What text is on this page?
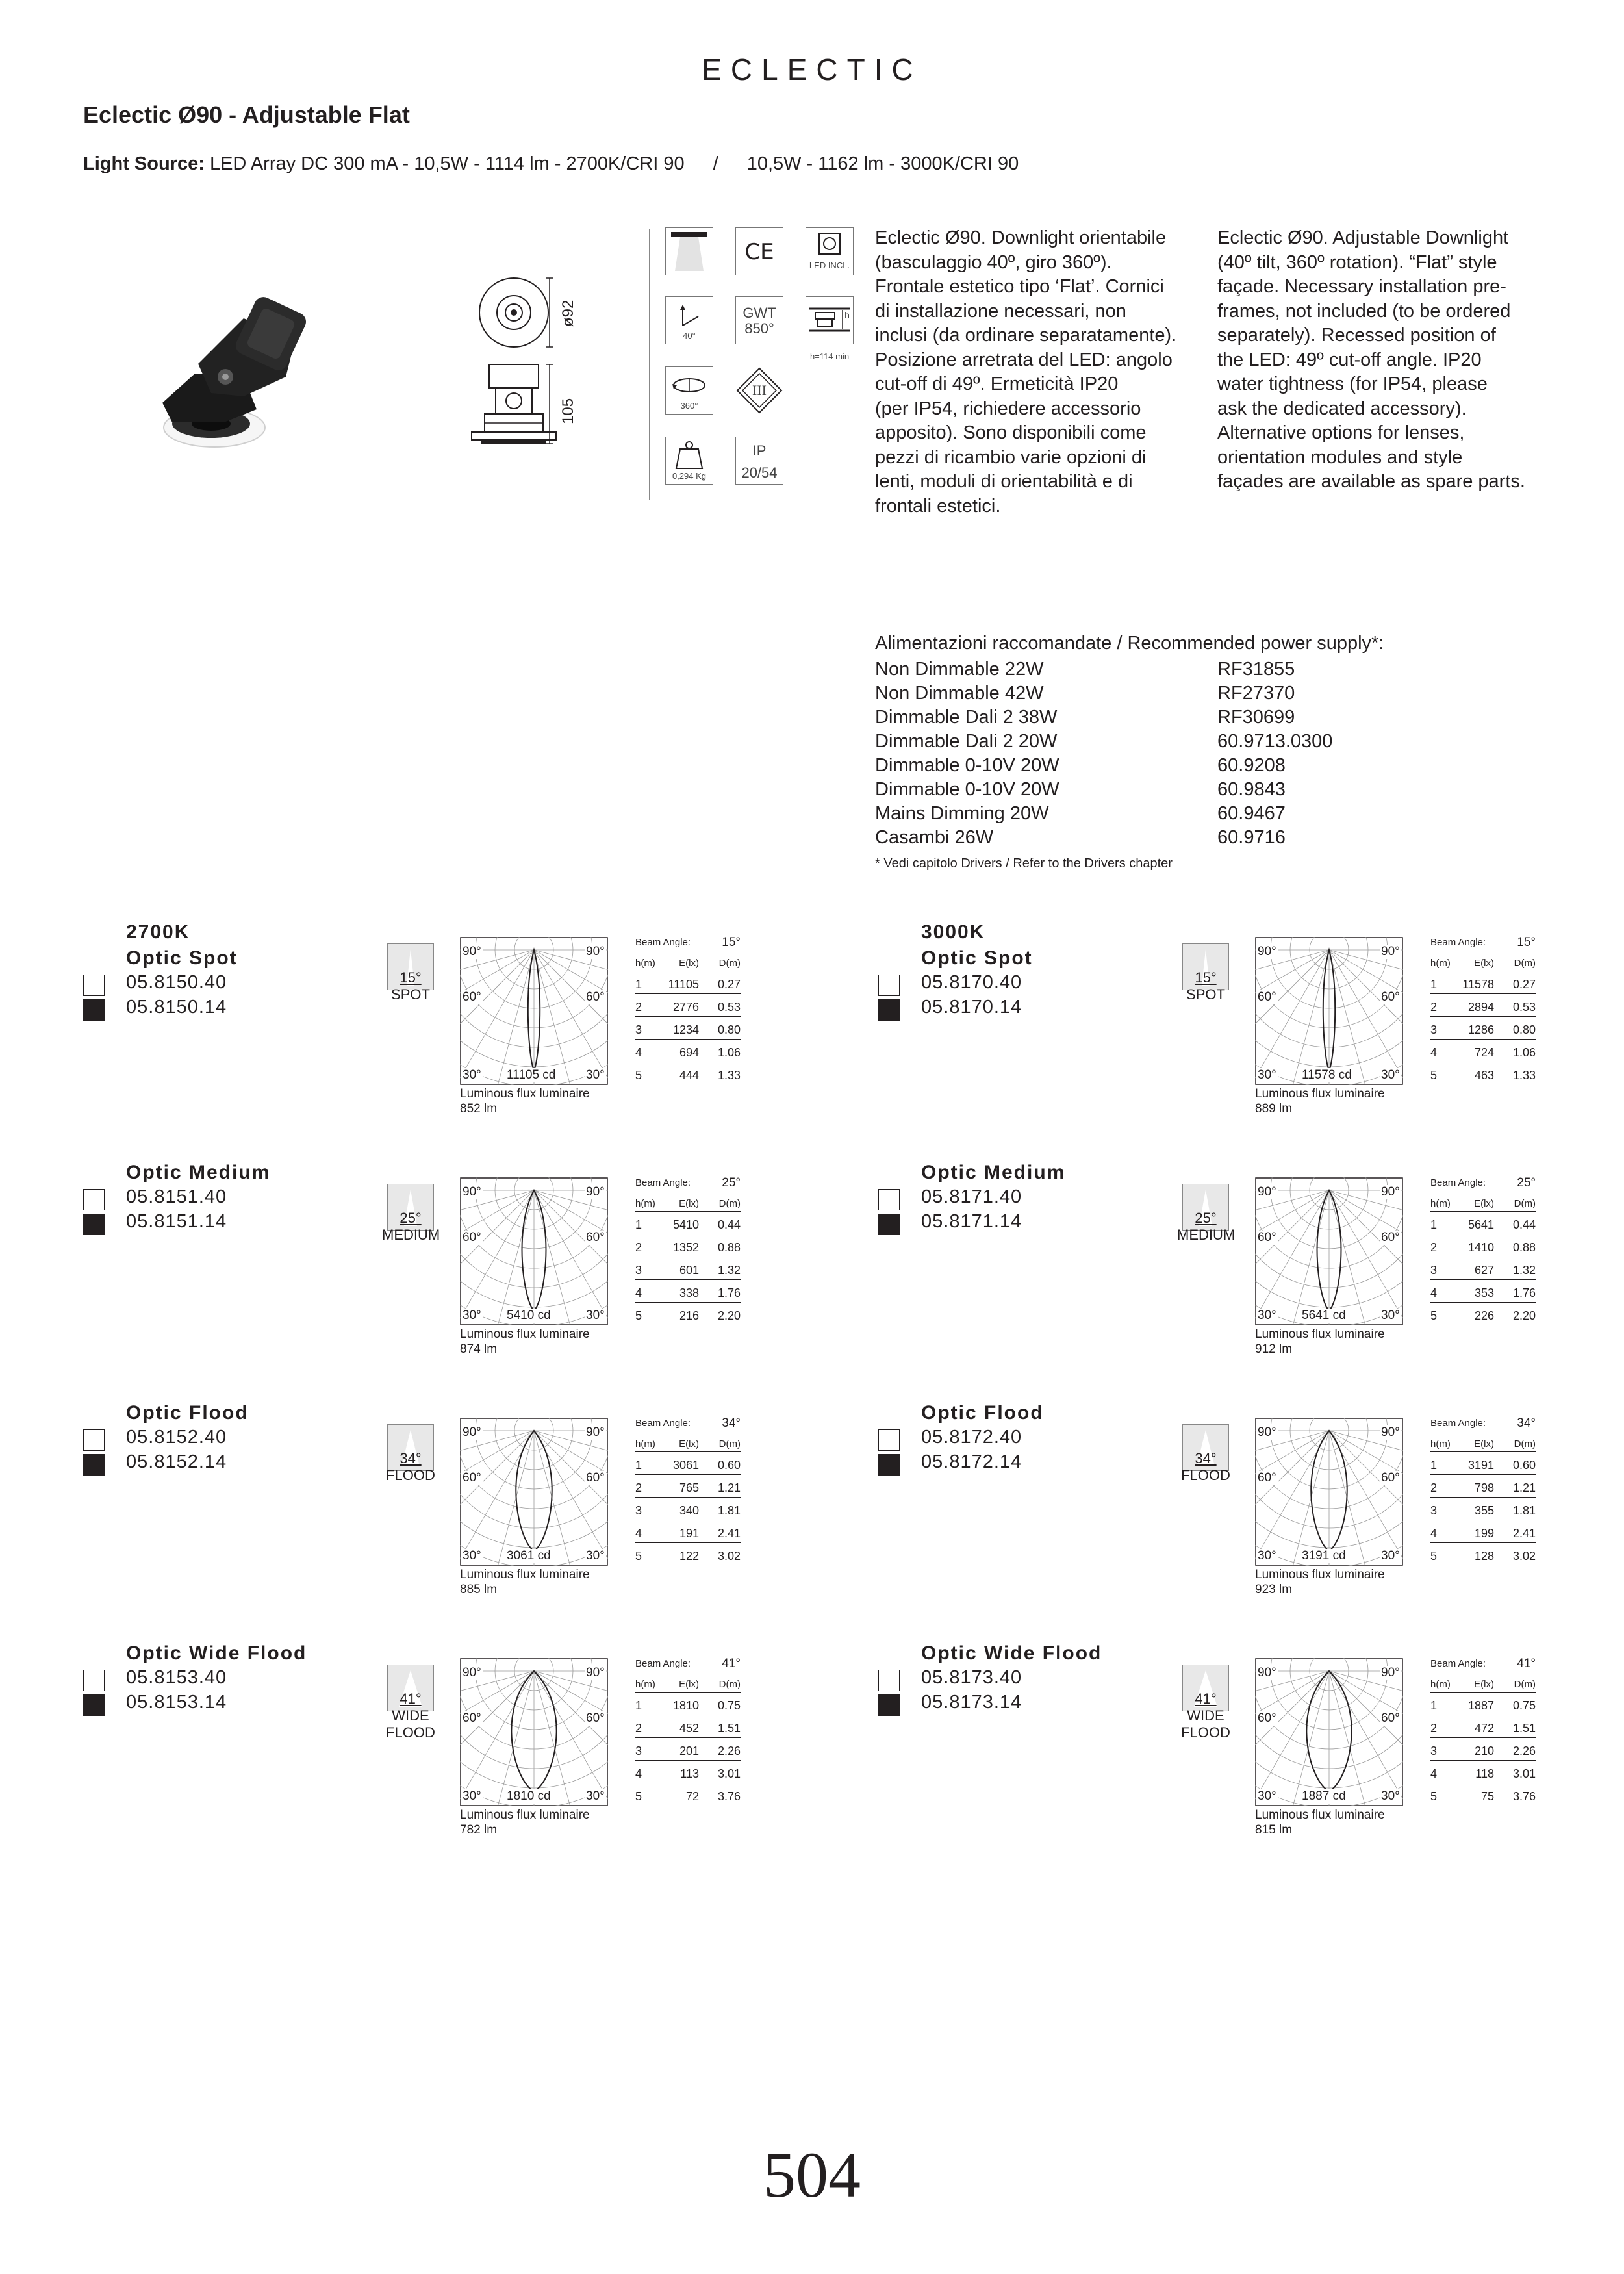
ECLECTIC
Eclectic Ø90 - Adjustable Flat
Light Source: LED Array DC 300 mA - 10,5W - 1114 lm - 2700K/CRI 90 / 10,5W - 1162 lm - 3000K/CRI 90
ø92
105
CE
LED INCL.
40°
GWT
850°
h
h=114 min
360°
III
0,294 Kg
IP
20/54
Eclectic Ø90. Downlight orientabile
(basculaggio 40º, giro 360º).
Frontale estetico tipo ‘Flat’. Cornici
di installazione necessari, non
inclusi (da ordinare separatamente).
Posizione arretrata del LED: angolo
cut-off di 49º. Ermeticità IP20
(per IP54, richiedere accessorio
apposito). Sono disponibili come
pezzi di ricambio varie opzioni di
lenti, moduli di orientabilità e di
frontali estetici.
Eclectic Ø90. Adjustable Downlight
(40º tilt, 360º rotation). “Flat” style
façade. Necessary installation pre-
frames, not included (to be ordered
separately). Recessed position of
the LED: 49º cut-off angle. IP20
water tightness (for IP54, please
ask the dedicated accessory).
Alternative options for lenses,
orientation modules and style
façades are available as spare parts.
Alimentazioni raccomandate / Recommended power supply*:
Non Dimmable 22W	RF31855
Non Dimmable 42W	RF27370
Dimmable Dali 2 38W	RF30699
Dimmable Dali 2 20W	60.9713.0300
Dimmable 0-10V 20W	60.9208
Dimmable 0-10V 20W	60.9843
Mains Dimming 20W	60.9467
Casambi 26W	60.9716
* Vedi capitolo Drivers / Refer to the Drivers chapter
2700K
Optic Spot
05.8150.40
05.8150.14
15°
SPOT
90°	90°
60°	60°
30°	30°
11105 cd
Luminous flux luminaire
852 lm
Beam Angle:	15°
h(m) E(lx) D(m)
1 11105 0.27
2	2776 0.53
3	1234 0.80
4	694 1.06
5	444 1.33
Optic Medium
05.8151.40
05.8151.14	25°
MEDIUM
90°	90°
60°	60°
30°	30°
5410 cd
Luminous flux luminaire
874 lm
Beam Angle:	25°
h(m) E(lx) D(m)
1	5410 0.44
2	1352 0.88
3	601 1.32
4	338 1.76
5	216 2.20
Optic Flood
05.8152.40
05.8152.14	34°
FLOOD
90°	90°
60°	60°
30°	30°
3061 cd
Luminous flux luminaire
885 lm
Beam Angle:	34°
h(m) E(lx) D(m)
1	3061 0.60
2	765 1.21
3	340 1.81
4	191 2.41
5	122 3.02
Optic Wide Flood
05.8153.40
05.8153.14	41°
WIDE
FLOOD
90°	90°
60°	60°
30°	30°
1810 cd
Luminous flux luminaire
782 lm
Beam Angle:	41°
h(m) E(lx) D(m)
1	1810 0.75
2	452 1.51
3	201 2.26
4	113 3.01
5	72 3.76
3000K
Optic Spot
05.8170.40
05.8170.14
15°
SPOT
90°	90°
60°	60°
30°	30°
11578 cd
Luminous flux luminaire
889 lm
Beam Angle:	15°
h(m) E(lx) D(m)
1 11578 0.27
2	2894 0.53
3	1286 0.80
4	724 1.06
5	463 1.33
Optic Medium
05.8171.40
05.8171.14	25°
MEDIUM
90°	90°
60°	60°
30°	30°
5641 cd
Luminous flux luminaire
912 lm
Beam Angle:	25°
h(m) E(lx) D(m)
1	5641 0.44
2	1410 0.88
3	627 1.32
4	353 1.76
5	226 2.20
Optic Flood
05.8172.40
05.8172.14	34°
FLOOD
90°	90°
60°	60°
30°	30°
3191 cd
Luminous flux luminaire
923 lm
Beam Angle:	34°
h(m) E(lx) D(m)
1	3191 0.60
2	798 1.21
3	355 1.81
4	199 2.41
5	128 3.02
Optic Wide Flood
05.8173.40
05.8173.14	41°
WIDE
FLOOD
90°	90°
60°	60°
30°	30°
1887 cd
Luminous flux luminaire
815 lm
Beam Angle:	41°
h(m) E(lx) D(m)
1	1887 0.75
2	472 1.51
3	210 2.26
4	118 3.01
5	75 3.76
504
